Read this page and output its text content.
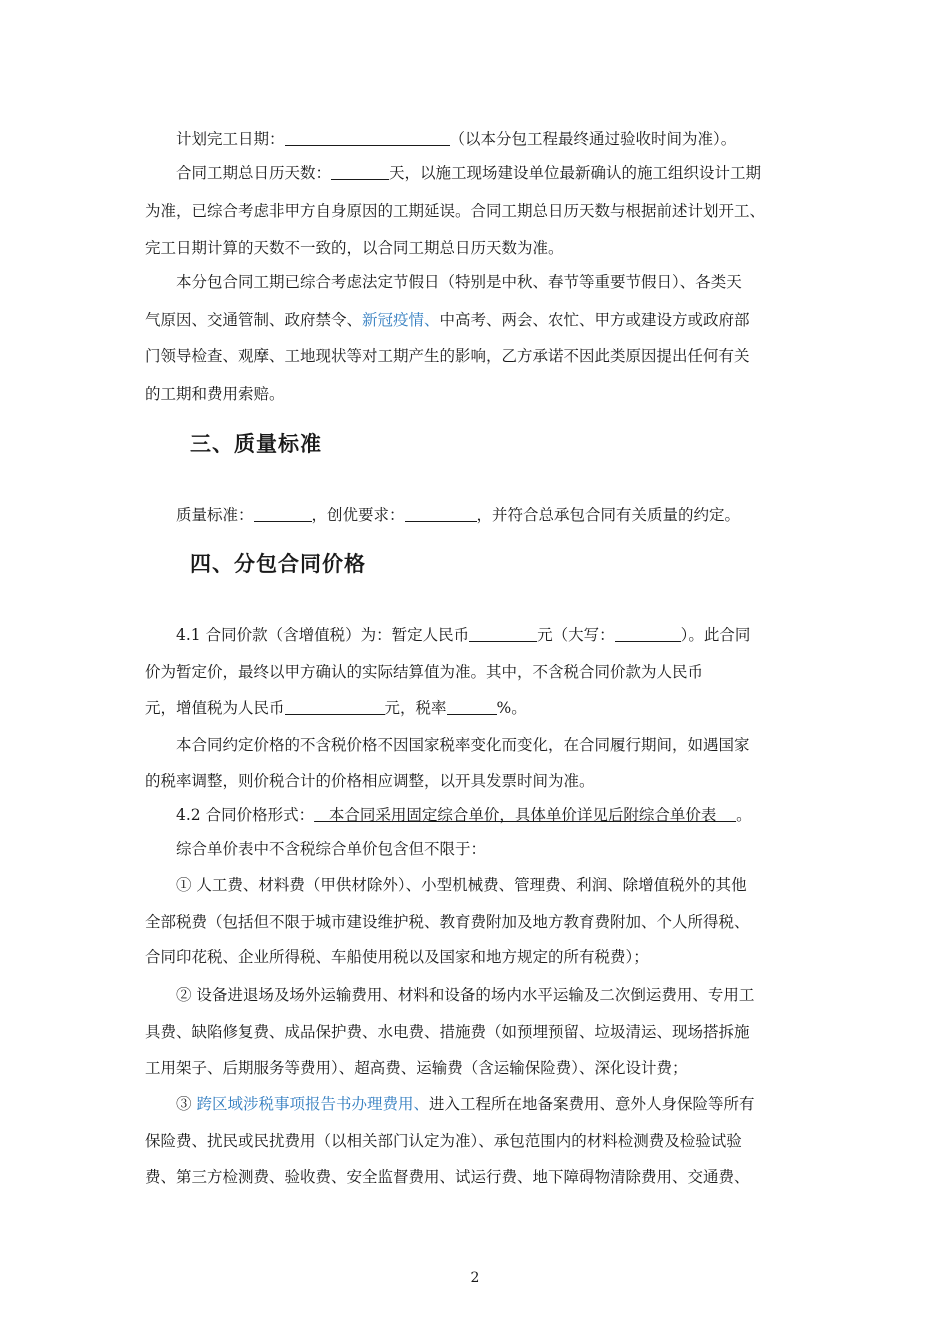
计划完工日期：	（以本分包工程最终通过验收时间为准）。
合同工期总日历天数：	天，以施工现场建设单位最新确认的施工组织设计工期
为准，已综合考虑非甲方自身原因的工期延误。合同工期总日历天数与根据前述计划开工、
完工日期计算的天数不一致的，以合同工期总日历天数为准。
本分包合同工期已综合考虑法定节假日（特别是中秋、春节等重要节假日）、各类天
气原因、交通管制、政府禁令、新冠疫情、中高考、两会、农忙、甲方或建设方或政府部
门领导检查、观摩、工地现状等对工期产生的影响，乙方承诺不因此类原因提出任何有关
的工期和费用索赔。
三、质量标准
质量标准：	，创优要求：	，并符合总承包合同有关质量的约定。
四、分包合同价格
4.1 合同价款（含增值税）为：暂定人民币	元（大写：	）。此合同
价为暂定价，最终以甲方确认的实际结算值为准。其中，不含税合同价款为人民币
元，增值税为人民币	元，税率	%。
本合同约定价格的不含税价格不因国家税率变化而变化，在合同履行期间，如遇国家
的税率调整，则价税合计的价格相应调整，以开具发票时间为准。
4.2 合同价格形式：   本合同采用固定综合单价，具体单价详见后附综合单价表    。
综合单价表中不含税综合单价包含但不限于：
① 人工费、材料费（甲供材除外）、小型机械费、管理费、利润、除增值税外的其他
全部税费（包括但不限于城市建设维护税、教育费附加及地方教育费附加、个人所得税、
合同印花税、企业所得税、车船使用税以及国家和地方规定的所有税费）；
② 设备进退场及场外运输费用、材料和设备的场内水平运输及二次倒运费用、专用工
具费、缺陷修复费、成品保护费、水电费、措施费（如预埋预留、垃圾清运、现场搭拆施
工用架子、后期服务等费用）、超高费、运输费（含运输保险费）、深化设计费；
③ 跨区域涉税事项报告书办理费用、进入工程所在地备案费用、意外人身保险等所有
保险费、扰民或民扰费用（以相关部门认定为准）、承包范围内的材料检测费及检验试验
费、第三方检测费、验收费、安全监督费用、试运行费、地下障碍物清除费用、交通费、
2
